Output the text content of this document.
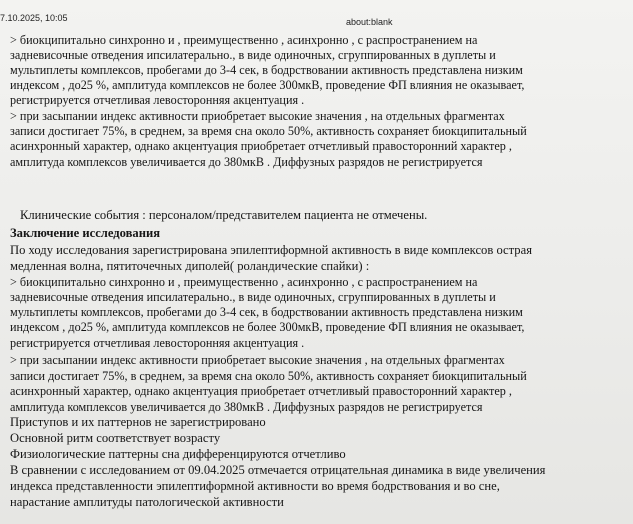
7.10.2025, 10:05	about:blank
> биокципитально синхронно и , преимущественно , асинхронно , с распространением на
задневисочные отведения ипсилатерально., в виде одиночных, сгруппированных в дуплеты и
мультиплеты комплексов, пробегами до 3-4 сек, в бодрствовании активность представлена низким
индексом , до25 %, амплитуда комплексов не более 300мкВ, проведение ФП влияния не оказывает,
регистрируется отчетливая левосторонняя акцентуация .
> при засыпании индекс активности приобретает высокие значения , на отдельных фрагментах
записи достигает 75%, в среднем, за время сна около 50%, активность сохраняет биокципитальный
асинхронный характер, однако акцентуация приобретает отчетливый правосторонний характер ,
амплитуда комплексов увеличивается до 380мкВ . Диффузных разрядов не регистрируется
Клинические события : персоналом/представителем пациента не отмечены.
Заключение исследования
По ходу исследования зарегистрирована эпилептиформной активность в виде комплексов острая
медленная волна, пятиточечных диполей( роландические спайки) :
> биокципитально синхронно и , преимущественно , асинхронно , с распространением на
задневисочные отведения ипсилатерально., в виде одиночных, сгруппированных в дуплеты и
мультиплеты комплексов, пробегами до 3-4 сек, в бодрствовании активность представлена низким
индексом , до25 %, амплитуда комплексов не более 300мкВ, проведение ФП влияния не оказывает,
регистрируется отчетливая левосторонняя акцентуация .
> при засыпании индекс активности приобретает высокие значения , на отдельных фрагментах
записи достигает 75%, в среднем, за время сна около 50%, активность сохраняет биокципитальный
асинхронный характер, однако акцентуация приобретает отчетливый правосторонний характер ,
амплитуда комплексов увеличивается до 380мкВ . Диффузных разрядов не регистрируется
Приступов и их паттернов не зарегистрировано
Основной ритм соответствует возрасту
Физиологические паттерны сна дифференцируются отчетливо
В сравнении с исследованием от 09.04.2025 отмечается отрицательная динамика в виде увеличения
индекса представленности эпилептиформной активности во время бодрствования и во сне,
нарастание амплитуды патологической активности
